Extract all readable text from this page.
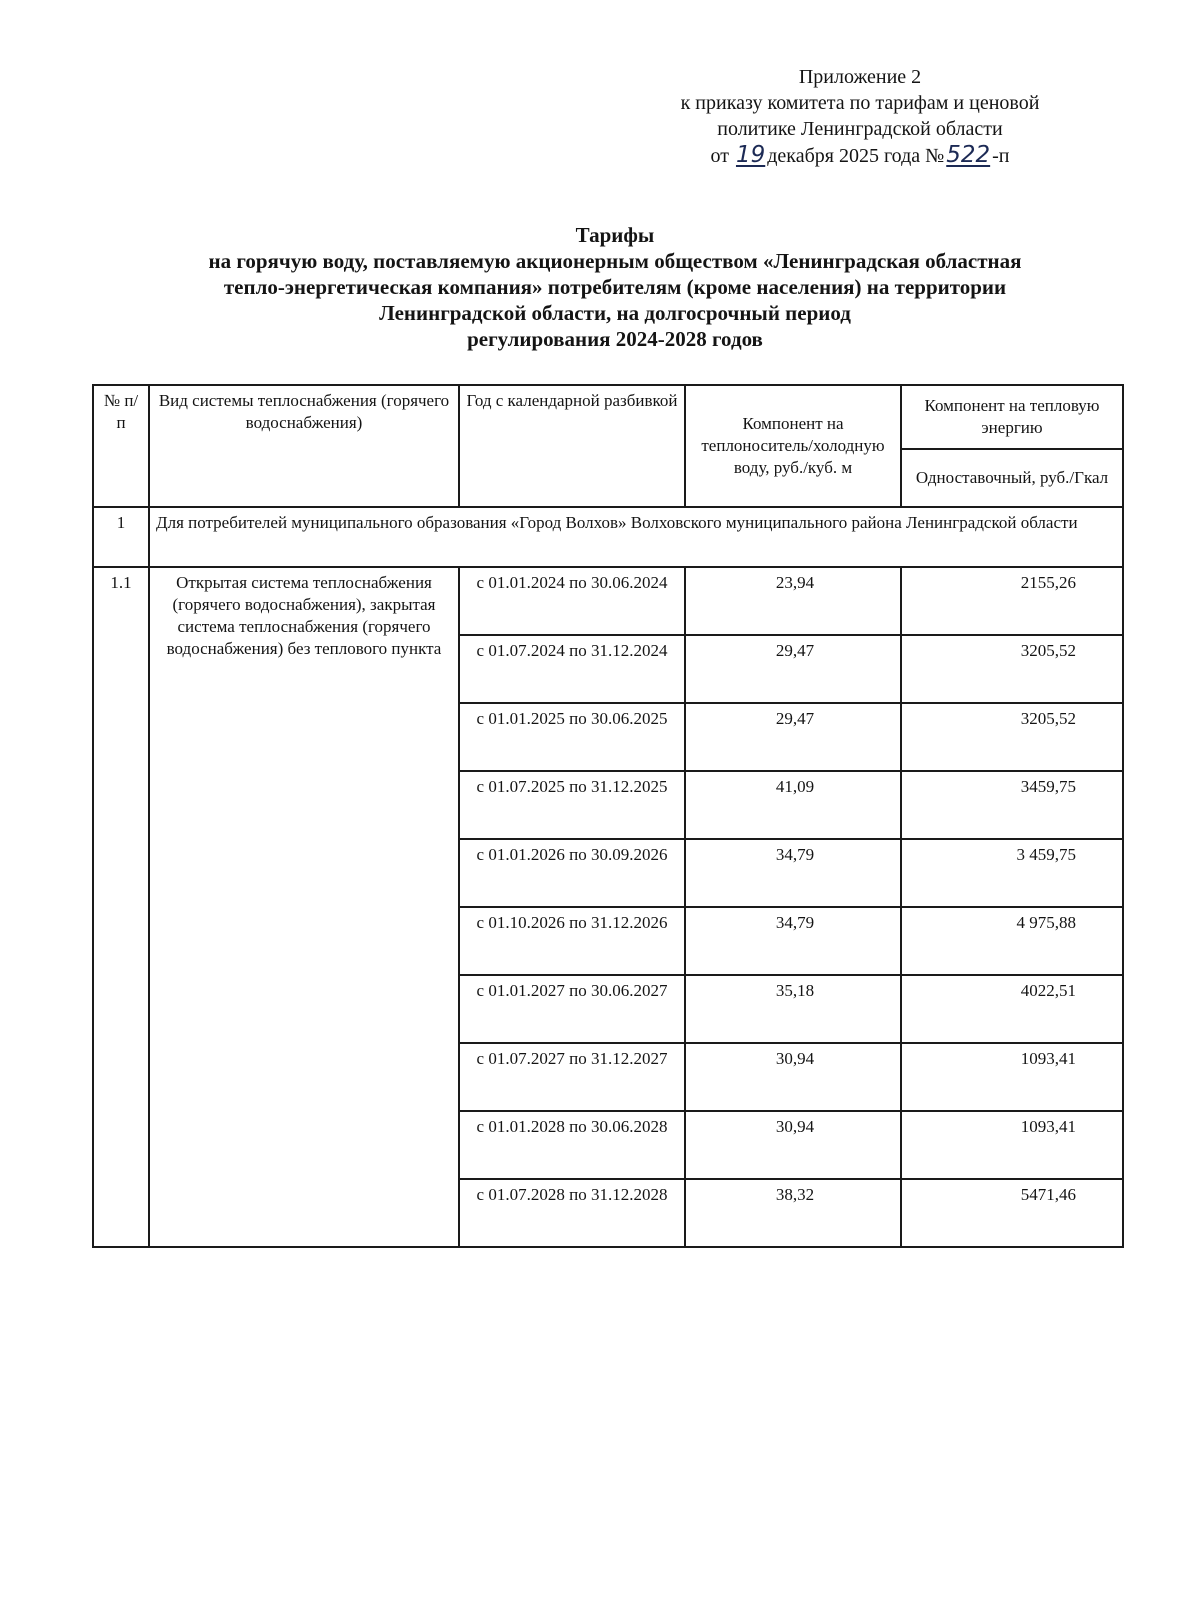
Приложение 2
к приказу комитета по тарифам и ценовой
политике Ленинградской области
от 19 декабря 2025 года №522 -п
Тарифы
на горячую воду, поставляемую акционерным обществом «Ленинградская областная
тепло-энергетическая компания» потребителям (кроме населения) на территории
Ленинградской области, на долгосрочный период
регулирования 2024-2028 годов
№ п/п	Вид системы теплоснабжения (горячего водоснабжения)	Год с календарной разбивкой	Компонент на теплоноситель/холодную воду, руб./куб. м	Компонент на тепловую энергию
				Одноставочный, руб./Гкал
1	Для потребителей муниципального образования «Город Волхов» Волховского муниципального района Ленинградской области			
1.1	Открытая система теплоснабжения (горячего водоснабжения), закрытая система теплоснабжения (горячего водоснабжения) без теплового пункта	с 01.01.2024 по 30.06.2024	23,94	2155,26
		с 01.07.2024 по 31.12.2024	29,47	3205,52
		с 01.01.2025 по 30.06.2025	29,47	3205,52
		с 01.07.2025 по 31.12.2025	41,09	3459,75
		с 01.01.2026 по 30.09.2026	34,79	3 459,75
		с 01.10.2026 по 31.12.2026	34,79	4 975,88
		с 01.01.2027 по 30.06.2027	35,18	4022,51
		с 01.07.2027 по 31.12.2027	30,94	1093,41
		с 01.01.2028 по 30.06.2028	30,94	1093,41
		с 01.07.2028 по 31.12.2028	38,32	5471,46
